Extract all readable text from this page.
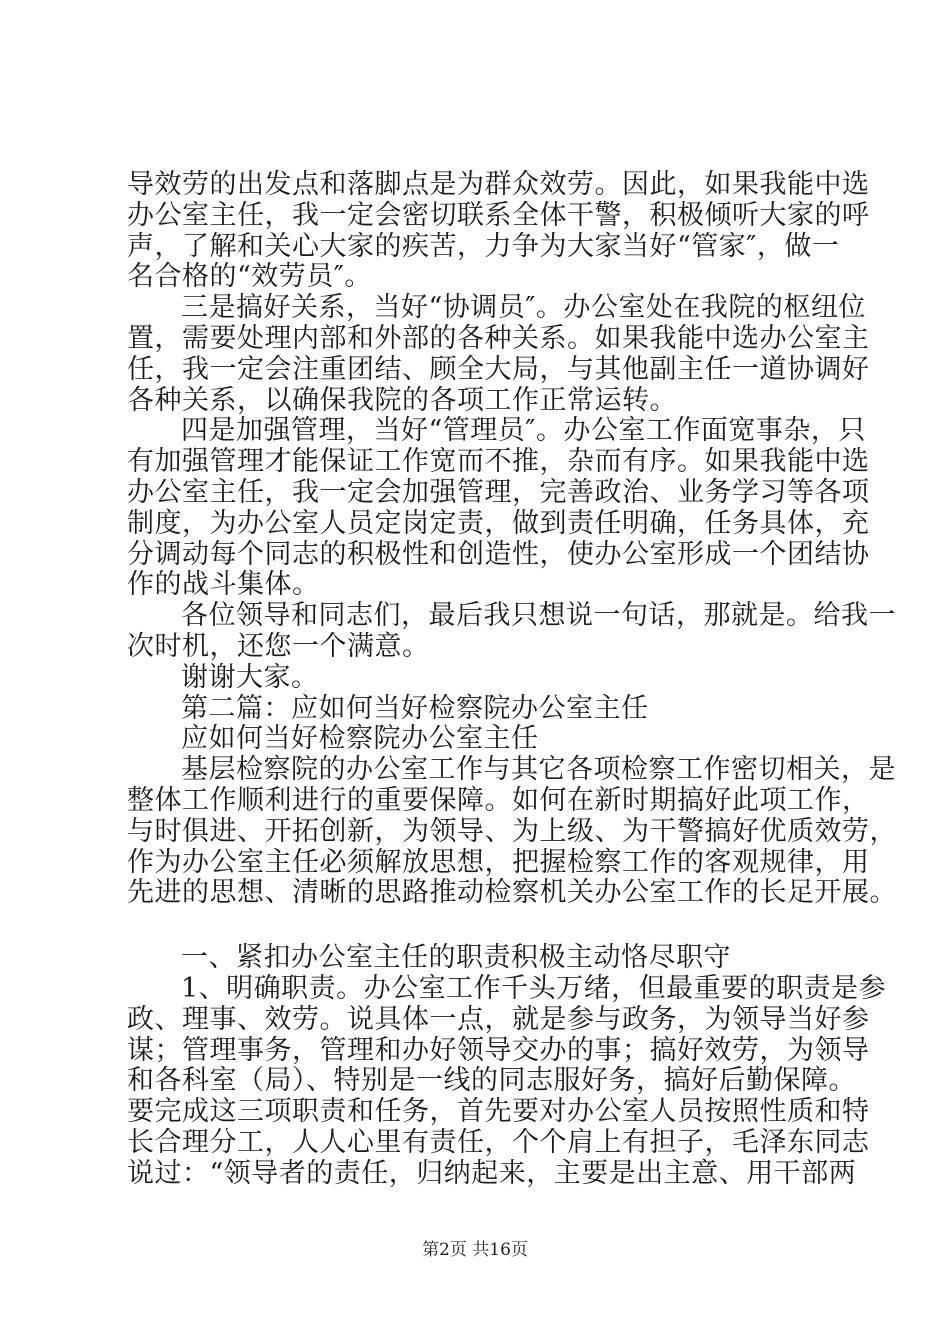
导效劳的出发点和落脚点是为群众效劳。因此，如果我能中选
办公室主任，我一定会密切联系全体干警，积极倾听大家的呼
声，了解和关心大家的疾苦，力争为大家当好“管家″，做一
名合格的“效劳员″。
三是搞好关系，当好“协调员″。办公室处在我院的枢纽位
置，需要处理内部和外部的各种关系。如果我能中选办公室主
任，我一定会注重团结、顾全大局，与其他副主任一道协调好
各种关系，以确保我院的各项工作正常运转。
四是加强管理，当好“管理员″。办公室工作面宽事杂，只
有加强管理才能保证工作宽而不推，杂而有序。如果我能中选
办公室主任，我一定会加强管理，完善政治、业务学习等各项
制度，为办公室人员定岗定责，做到责任明确，任务具体，充
分调动每个同志的积极性和创造性，使办公室形成一个团结协
作的战斗集体。
各位领导和同志们，最后我只想说一句话，那就是。给我一
次时机，还您一个满意。
谢谢大家。
第二篇：应如何当好检察院办公室主任
应如何当好检察院办公室主任
基层检察院的办公室工作与其它各项检察工作密切相关，是
整体工作顺利进行的重要保障。如何在新时期搞好此项工作，
与时俱进、开拓创新，为领导、为上级、为干警搞好优质效劳，
作为办公室主任必须解放思想，把握检察工作的客观规律，用
先进的思想、清晰的思路推动检察机关办公室工作的长足开展。
一、紧扣办公室主任的职责积极主动恪尽职守
1、明确职责。办公室工作千头万绪，但最重要的职责是参
政、理事、效劳。说具体一点，就是参与政务，为领导当好参
谋；管理事务，管理和办好领导交办的事；搞好效劳，为领导
和各科室（局）、特别是一线的同志服好务，搞好后勤保障。
要完成这三项职责和任务，首先要对办公室人员按照性质和特
长合理分工，人人心里有责任，个个肩上有担子，毛泽东同志
说过：“领导者的责任，归纳起来，主要是出主意、用干部两
第2页 共16页
